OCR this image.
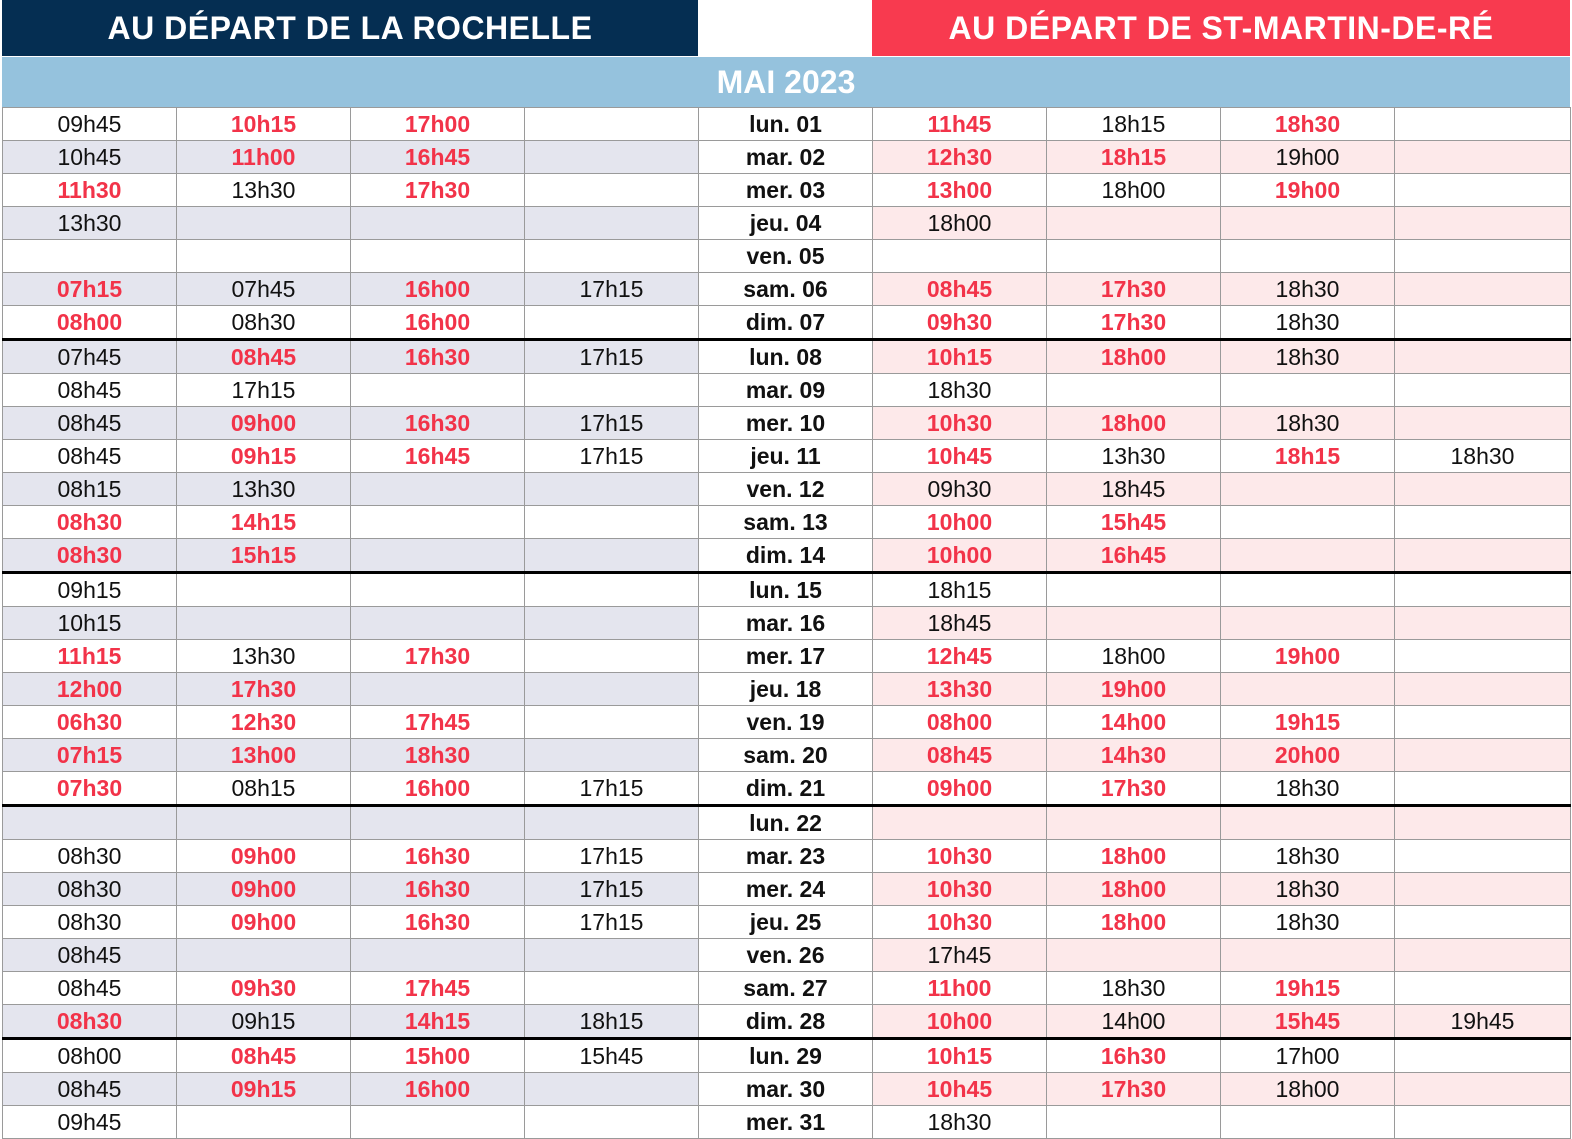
AU DÉPART DE LA ROCHELLE	AU DÉPART DE ST-MARTIN-DE-RÉ
MAI 2023
09h45	10h15	17h00		lun. 01	11h45	18h15	18h30	
10h45	11h00	16h45		mar. 02	12h30	18h15	19h00	
11h30	13h30	17h30		mer. 03	13h00	18h00	19h00	
13h30				jeu. 04	18h00			
				ven. 05				
07h15	07h45	16h00	17h15	sam. 06	08h45	17h30	18h30	
08h00	08h30	16h00		dim. 07	09h30	17h30	18h30	
07h45	08h45	16h30	17h15	lun. 08	10h15	18h00	18h30	
08h45	17h15			mar. 09	18h30			
08h45	09h00	16h30	17h15	mer. 10	10h30	18h00	18h30	
08h45	09h15	16h45	17h15	jeu. 11	10h45	13h30	18h15	18h30
08h15	13h30			ven. 12	09h30	18h45		
08h30	14h15			sam. 13	10h00	15h45		
08h30	15h15			dim. 14	10h00	16h45		
09h15				lun. 15	18h15			
10h15				mar. 16	18h45			
11h15	13h30	17h30		mer. 17	12h45	18h00	19h00	
12h00	17h30			jeu. 18	13h30	19h00		
06h30	12h30	17h45		ven. 19	08h00	14h00	19h15	
07h15	13h00	18h30		sam. 20	08h45	14h30	20h00	
07h30	08h15	16h00	17h15	dim. 21	09h00	17h30	18h30	
				lun. 22				
08h30	09h00	16h30	17h15	mar. 23	10h30	18h00	18h30	
08h30	09h00	16h30	17h15	mer. 24	10h30	18h00	18h30	
08h30	09h00	16h30	17h15	jeu. 25	10h30	18h00	18h30	
08h45				ven. 26	17h45			
08h45	09h30	17h45		sam. 27	11h00	18h30	19h15	
08h30	09h15	14h15	18h15	dim. 28	10h00	14h00	15h45	19h45
08h00	08h45	15h00	15h45	lun. 29	10h15	16h30	17h00	
08h45	09h15	16h00		mar. 30	10h45	17h30	18h00	
09h45				mer. 31	18h30			
